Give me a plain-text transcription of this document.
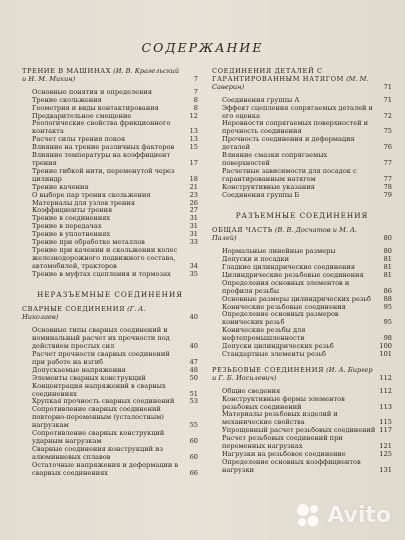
СОДЕРЖАНИЕ
ТРЕНИЕ В МАШИНАХ (И. В. Крагельский и Н. М. Михин)	7
Основные понятия и определения	7
Трение скольжения	8
Геометрия и виды контактирования	8
Предварительное смещение	12
Реологические свойства фрикционного контакта	13
Расчет силы трения покоя	13
Влияние на трение различных факторов	15
Влияние температуры на коэффициент трения	17
Трение гибкой нити, переменутой через цилиндр	18
Трение качения	21
О выборе пар трения скольжения	23
Материалы для узлов трения	26
Коэффициенты трения	27
Трение в соединениях	31
Трение в передачах	31
Трение в уплотнениях	31
Трение при обработке металлов	33
Трение при качении и скольжении колес железнодорожного подвижного состава, автомобилей, тракторов	34
Трение в муфтах сцепления и тормозах	35
НЕРАЗЪЕМНЫЕ СОЕДИНЕНИЯ
СВАРНЫЕ СОЕДИНЕНИЯ (Г. А. Николаев)	40
Основные типы сварных соединений и номинальный расчет их прочности под действием простых сил	40
Расчет прочности сварных соединений при работе на изгиб	47
Допускаемые напряжения	48
Элементы сварных конструкций	50
Концентрация напряжений в сварных соединениях	51
Хрупкая прочность сварных соединений	53
Сопротивление сварных соединений повторно-переменным (усталостным) нагрузкам	55
Сопротивление сварных конструкций ударным нагрузкам	60
Сварные соединения конструкций из алюминиевых сплавов	60
Остаточные напряжения и деформации в сварных соединениях	66
СОЕДИНЕНИЯ ДЕТАЛЕЙ С ГАРАНТИРОВАННЫМ НАТЯГОМ (М. М. Саверин)	71
Соединения группы А	71
Эффект сцепления сопрягаемых деталей и его оценка	72
Неровности сопрягаемых поверхностей и прочность соединения	75
Прочность соединения и деформация деталей	76
Влияние смазки сопрягаемых поверхностей	77
Расчетные зависимости для посадок с гарантированным натягом	77
Конструктивные указания	78
Соединения группы Б	79
РАЗЪЕМНЫЕ СОЕДИНЕНИЯ
ОБЩАЯ ЧАСТЬ (В. В. Досчатов и М. А. Палей)	80
Нормальные линейные размеры	80
Допуски и посадки	81
Гладкие цилиндрические соединения	81
Цилиндрические резьбовые соединения	81
Определения основных элементов и профиля резьбы	86
Основные размеры цилиндрических резьб	88
Конические резьбовые соединения	95
Определение основных размеров конических резьб	95
Конические резьбы для нефтепромышленности	98
Допуски цилиндрических резьб	100
Стандартные элементы резьб	101
РЕЗЬБОВЫЕ СОЕДИНЕНИЯ (И. А. Биргер и Г. Б. Иосилевич)	112
Общие сведения	112
Конструктивные формы элементов резьбовых соединений	113
Материалы резьбовых изделий и механические свойства	115
Упрощенный расчет резьбовых соединений 117
Расчет резьбовых соединений при переменных нагрузках	121
Нагрузки на резьбовое соединение	125
Определение основных коэффициентов нагрузки	131
Avito
